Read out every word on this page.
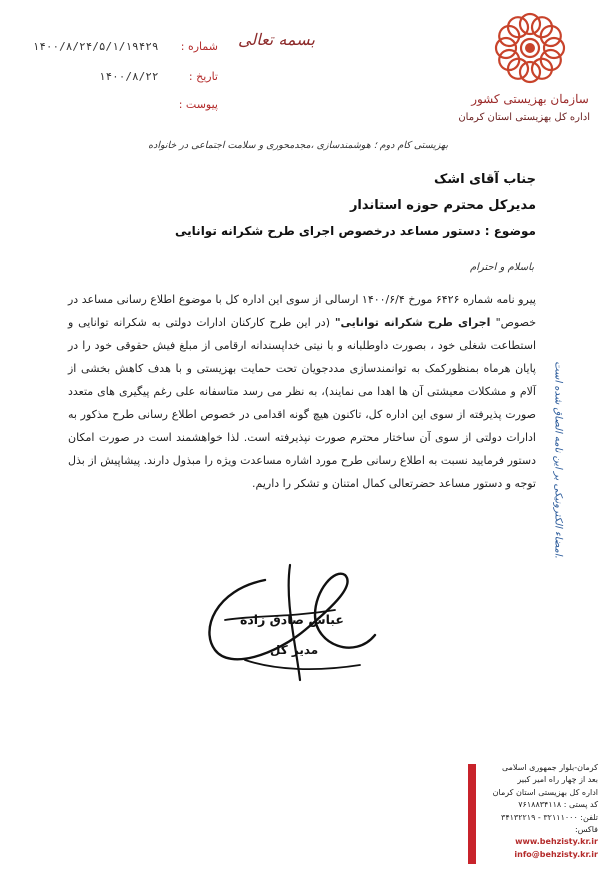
سازمان بهزیستی کشور
اداره کل بهزیستی استان کرمان
بسمه تعالی
شماره : ۱۴۰۰/۸/۲۴/۵/۱/۱۹۴۲۹
تاریخ : ۱۴۰۰/۸/۲۲
پیوست :
بهزیستی کام دوم ؛ هوشمندسازی ،مجدمحوری و سلامت اجتماعی در خانواده
جناب آقای اشک
مدیرکل محترم حوزه استاندار
موضوع : دستور مساعد درخصوص اجرای طرح شکرانه توانایی
باسلام و احترام
پیرو نامه شماره ۶۴۲۶ مورخ ۱۴۰۰/۶/۴ ارسالی از سوی این اداره کل با موضوع اطلاع رسانی مساعد در خصوص" اجرای طرح شکرانه توانایی" (در این طرح کارکنان ادارات دولتی به شکرانه توانایی و استطاعت شغلی خود ، بصورت داوطلبانه و با نیتی خداپسندانه ارقامی از مبلغ فیش حقوقی خود را در پایان هرماه بمنظورکمک به توانمندسازی مددجویان تحت حمایت بهزیستی و با هدف کاهش بخشی از آلام و مشکلات معیشتی آن ها اهدا می نمایند)، به نظر می رسد متاسفانه علی رغم پیگیری های متعدد صورت پذیرفته از سوی این اداره کل، تاکنون هیچ گونه اقدامی در خصوص اطلاع رسانی طرح مذکور به ادارات دولتی از سوی آن ساختار محترم صورت نپذیرفته است. لذا خواهشمند است در صورت امکان دستور فرمایید نسبت به اطلاع رسانی طرح مورد اشاره مساعدت ویژه را مبذول دارند. پیشاپیش از بذل توجه و دستور مساعد حضرتعالی کمال امتنان و تشکر را داریم. امضاء الکترونیکی بر این نامه الصاق شده است.
عباس صادق زاده
مدیر کل
کرمان-بلوار جمهوری اسلامی
بعد از چهار راه امیر کبیر
اداره کل بهزیستی استان کرمان
کد پستی : ۷۶۱۸۸۳۴۱۱۸
تلفن: ۳۲۱۱۱۰۰۰ - ۳۴۱۳۲۲۱۹ فاکس:
www.behzisty.kr.ir
info@behzisty.kr.ir
